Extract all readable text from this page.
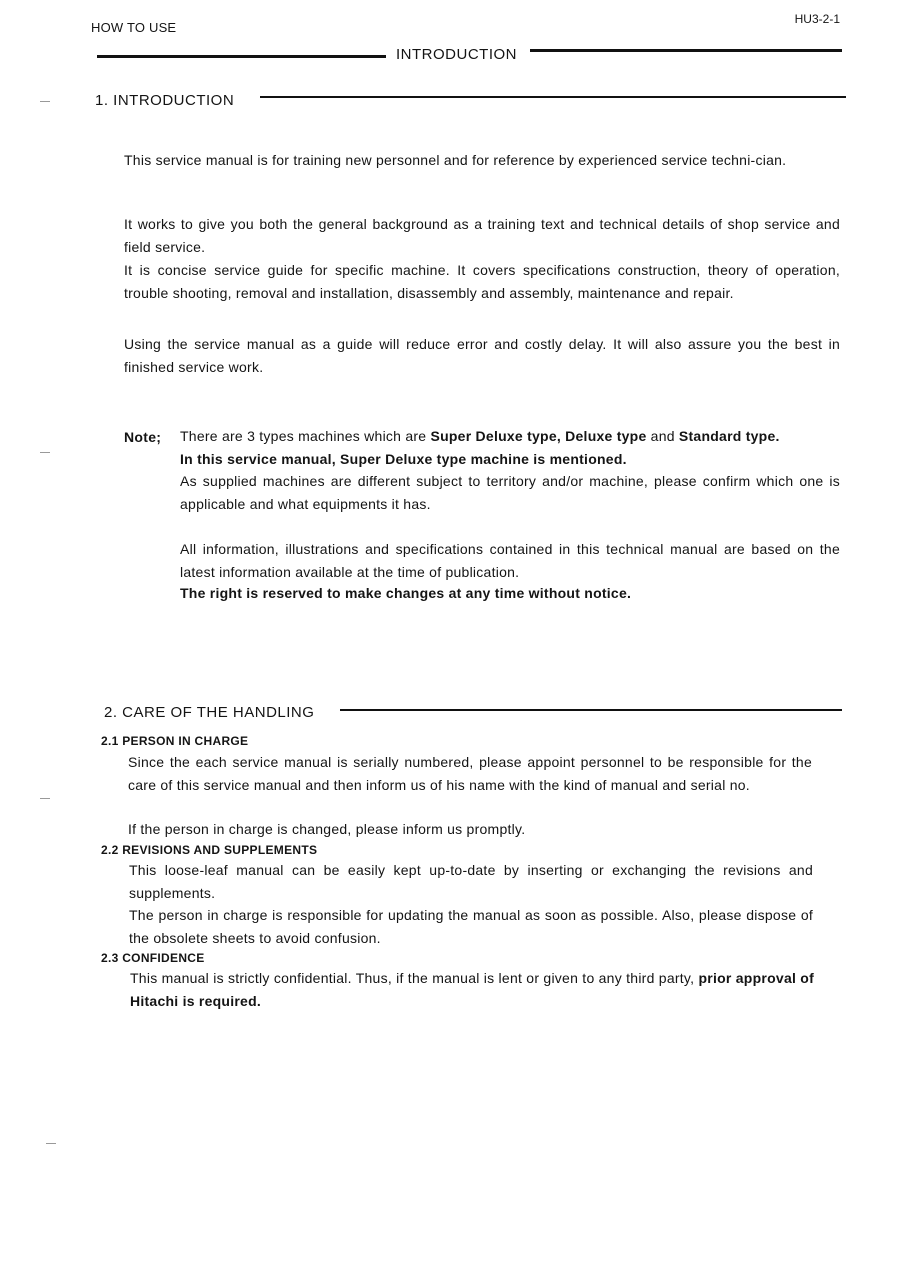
HOW TO USE
HU3-2-1
INTRODUCTION
1. INTRODUCTION

This service manual is for training new personnel and for reference by experienced service techni-cian.

It works to give you both the general background as a training text and technical details of shop service and field service.

It is concise service guide for specific machine. It covers specifications construction, theory of operation, trouble shooting, removal and installation, disassembly and assembly, maintenance and repair.

Using the service manual as a guide will reduce error and costly delay. It will also assure you the best in finished service work.

Note; There are 3 types machines which are Super Deluxe type, Deluxe type and Standard type.
In this service manual, Super Deluxe type machine is mentioned.

As supplied machines are different subject to territory and/or machine, please confirm which one is applicable and what equipments it has.

All information, illustrations and specifications contained in this technical manual are based on the latest information available at the time of publication.

The right is reserved to make changes at any time without notice.

2. CARE OF THE HANDLING
2.1 PERSON IN CHARGE

Since the each service manual is serially numbered, please appoint personnel to be responsible for the care of this service manual and then inform us of his name with the kind of manual and serial no.

If the person in charge is changed, please inform us promptly.

2.2 REVISIONS AND SUPPLEMENTS

This loose-leaf manual can be easily kept up-to-date by inserting or exchanging the revisions and supplements.

The person in charge is responsible for updating the manual as soon as possible. Also, please dispose of the obsolete sheets to avoid confusion.

2.3 CONFIDENCE

This manual is strictly confidential. Thus, if the manual is lent or given to any third party, prior approval of Hitachi is required.
